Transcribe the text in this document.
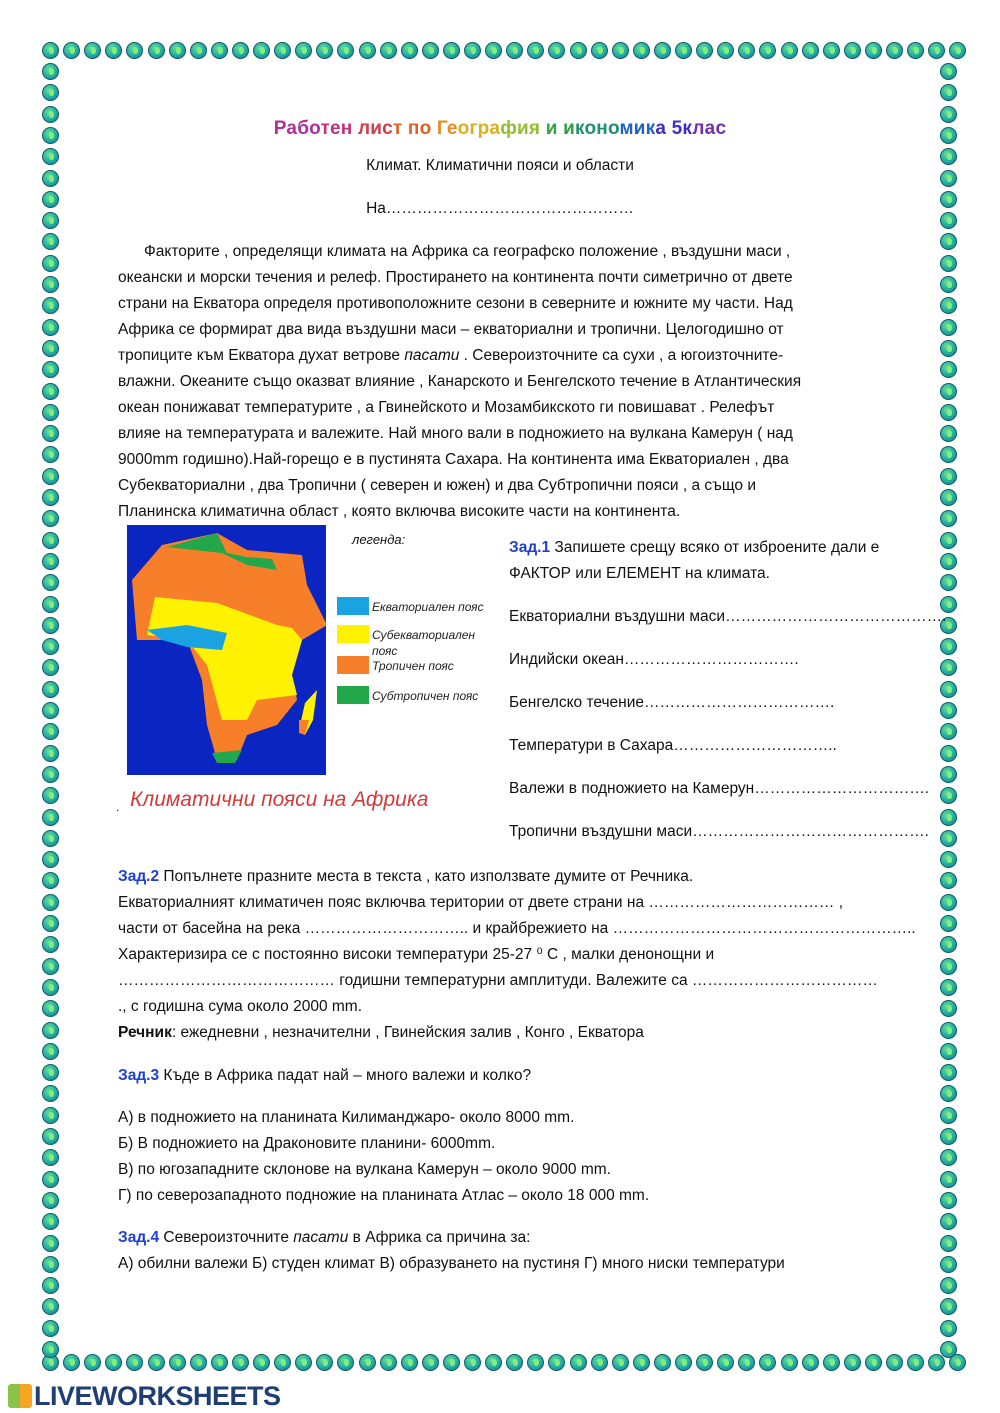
Работен лист по География и икономика 5клас
Климат. Климатични пояси и области
На…………………………………………
Факторите , определящи климата на Африка са географско положение , въздушни маси ,
океански и морски течения и релеф. Простирането на континента почти симетрично от двете
страни на Екватора определя противоположните сезони в северните и южните му части. Над
Африка се формират два вида въздушни маси – екваториални и тропични. Целогодишно от
тропиците към Екватора духат ветрове пасати . Североизточните са сухи , а югоизточните-
влажни. Океаните също оказват влияние , Канарското и Бенгелското течение в Атлантическия
океан понижават температурите , а Гвинейското и Мозамбикското ги повишават . Релефът
влияе на температурата и валежите. Най много вали в подножието на вулкана Камерун ( над
9000mm годишно).Най-горещо е в пустинята Сахара. На континента има Екваториален , два
Субекваториални , два Тропични ( северен и южен) и два Субтропични пояси , а също и
Планинска климатична област , която включва високите части на континента.
легенда:
Екваториален пояс
Субекваториален пояс
Тропичен пояс
Субтропичен пояс
. Климатични пояси на Африка
Зад.1 Запишете срещу всяко от изброените дали е
ФАКТОР или ЕЛЕМЕНТ на климата.
Екваториални въздушни маси…………………………………….
Индийски океан…………………………….
Бенгелско течение……………………………….
Температури в Сахара…………………………..
Валежи в подножието на Камерун…………………………….
Тропични въздушни маси……………………………………….
Зад.2 Попълнете празните места в текста , като използвате думите от Речника.
Екваториалният климатичен пояс включва територии от двете страни на ……………………………… ,
части от басейна на река ………………………….. и крайбрежието на …………………………………………………..
Характеризира се с постоянно високи температури 25-27 ⁰ C , малки денонощни и
…………………………………… годишни температурни амплитуди. Валежите са ………………………………
., с годишна сума около 2000 mm.
Речник: ежедневни , незначителни , Гвинейския залив , Конго , Екватора
Зад.3 Къде в Африка падат най – много валежи и колко?
А) в подножието на планината Килиманджаро- около 8000 mm.
Б) В подножието на Драконовите планини- 6000mm.
В) по югозападните склонове на вулкана Камерун – около 9000 mm.
Г) по северозападното подножие на планината Атлас – около 18 000 mm.
Зад.4 Североизточните пасати в Африка са причина за:
А) обилни валежи Б) студен климат В) образуването на пустиня Г) много ниски температури
LIVEWORKSHEETS
